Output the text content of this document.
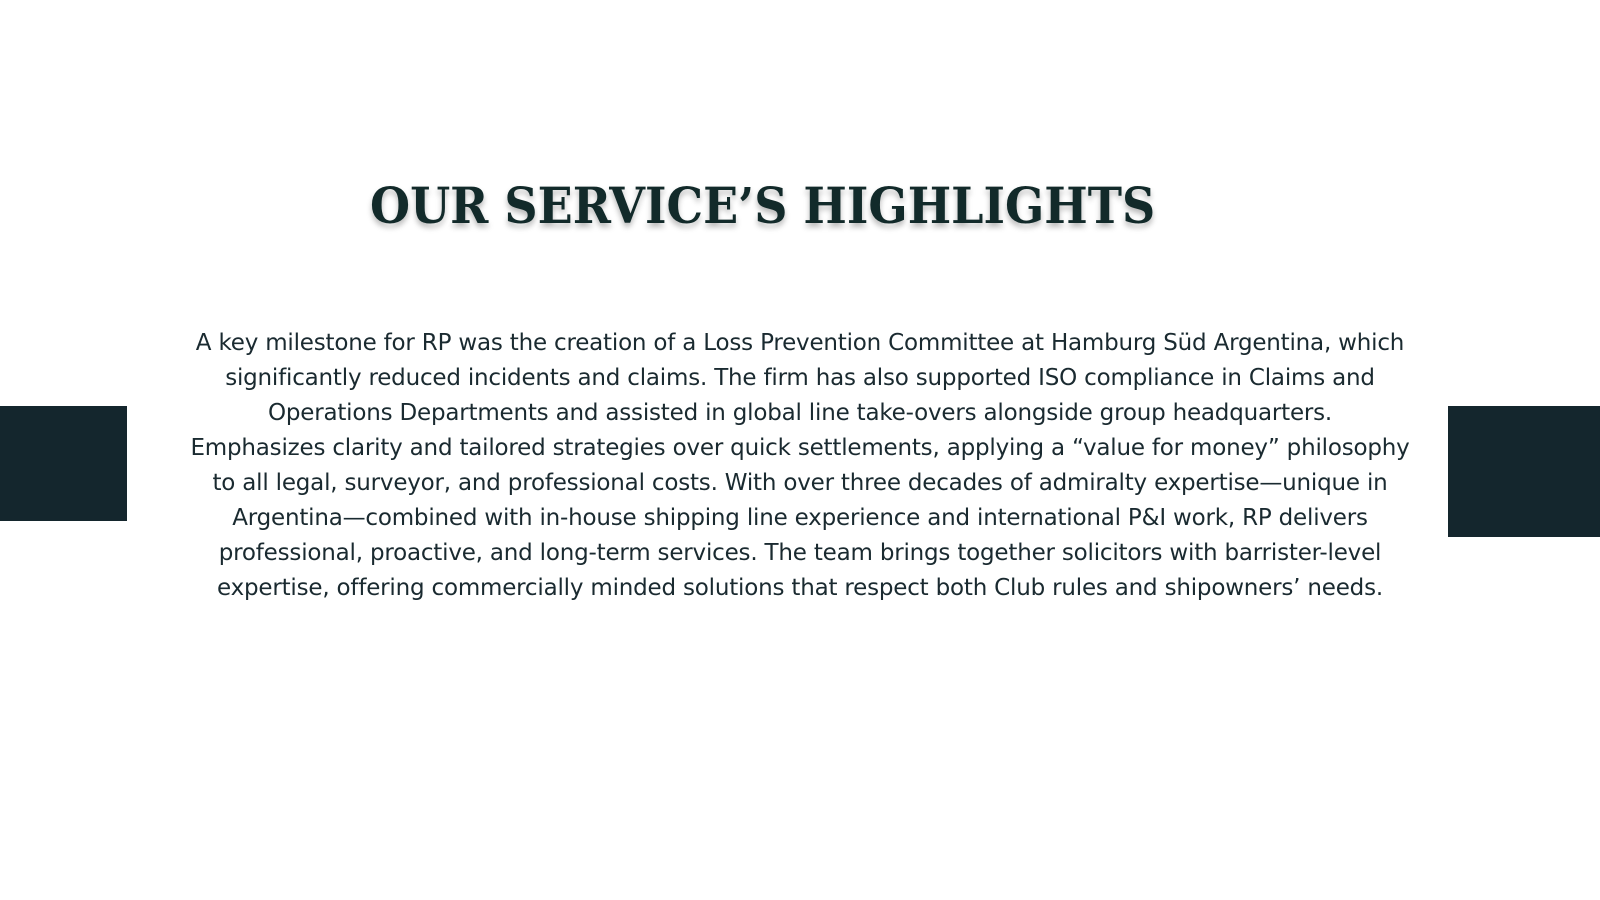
OUR SERVICE’S HIGHLIGHTS

A key milestone for RP was the creation of a Loss Prevention Committee at Hamburg Süd Argentina, which significantly reduced incidents and claims. The firm has also supported ISO compliance in Claims and Operations Departments and assisted in global line take-overs alongside group headquarters.

Emphasizes clarity and tailored strategies over quick settlements, applying a “value for money” philosophy to all legal, surveyor, and professional costs. With over three decades of admiralty expertise—unique in Argentina—combined with in-house shipping line experience and international P&I work, RP delivers professional, proactive, and long-term services. The team brings together solicitors with barrister-level expertise, offering commercially minded solutions that respect both Club rules and shipowners’ needs.
